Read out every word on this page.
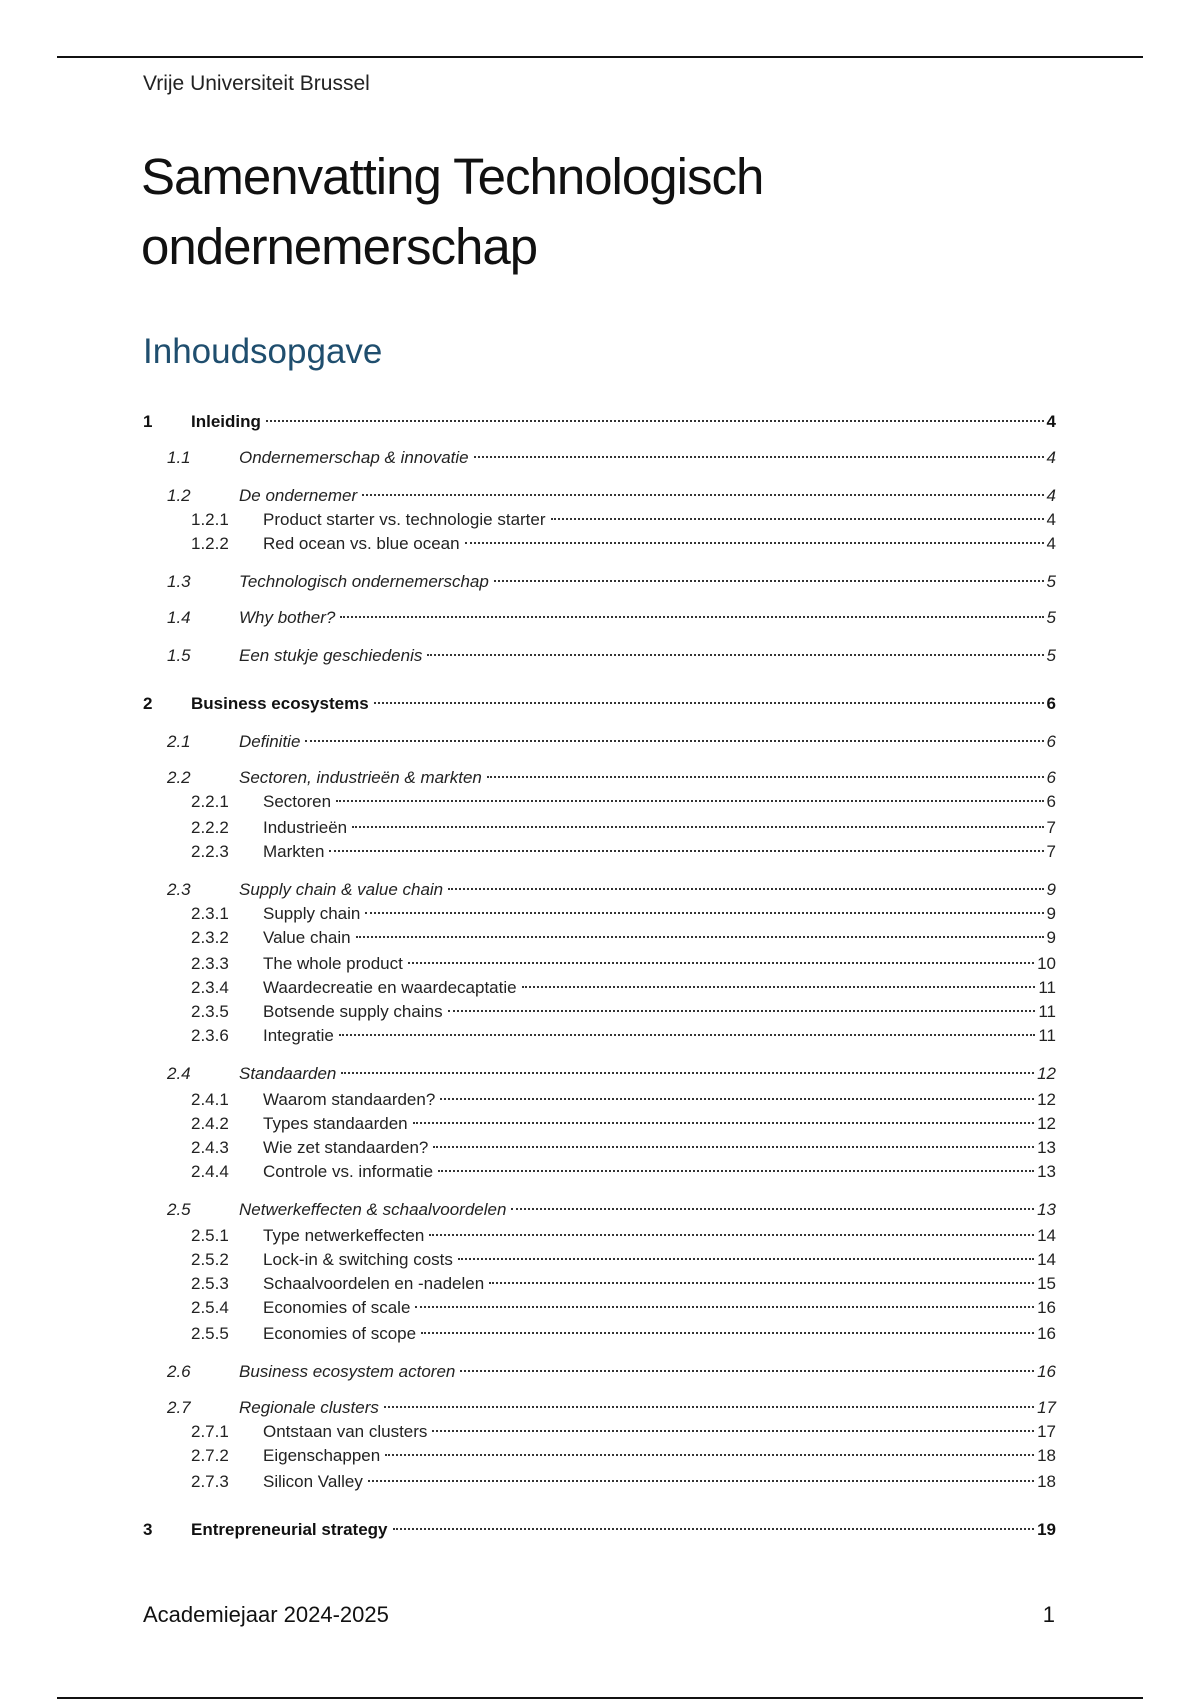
Vrije Universiteit Brussel
Samenvatting Technologisch
ondernemerschap
Inhoudsopgave
1 Inleiding	4
1.1	Ondernemerschap & innovatie	4
1.2	De ondernemer	4
1.2.1 Product starter vs. technologie starter	4
1.2.2 Red ocean vs. blue ocean	4
1.3	Technologisch ondernemerschap	5
1.4	Why bother?	5
1.5	Een stukje geschiedenis	5
2 Business ecosystems	6
2.1	Definitie	6
2.2	Sectoren, industrieën & markten	6
2.2.1 Sectoren	6
2.2.2 Industrieën	7
2.2.3 Markten	7
2.3	Supply chain & value chain	9
2.3.1 Supply chain	9
2.3.2 Value chain	9
2.3.3 The whole product	10
2.3.4 Waardecreatie en waardecaptatie	11
2.3.5 Botsende supply chains	11
2.3.6 Integratie	11
2.4	Standaarden	12
2.4.1 Waarom standaarden?	12
2.4.2 Types standaarden	12
2.4.3 Wie zet standaarden?	13
2.4.4 Controle vs. informatie	13
2.5	Netwerkeffecten & schaalvoordelen	13
2.5.1 Type netwerkeffecten	14
2.5.2 Lock-in & switching costs	14
2.5.3 Schaalvoordelen en -nadelen	15
2.5.4 Economies of scale	16
2.5.5 Economies of scope	16
2.6	Business ecosystem actoren	16
2.7	Regionale clusters	17
2.7.1 Ontstaan van clusters	17
2.7.2 Eigenschappen	18
2.7.3 Silicon Valley	18
3 Entrepreneurial strategy	19
Academiejaar 2024-2025	1
